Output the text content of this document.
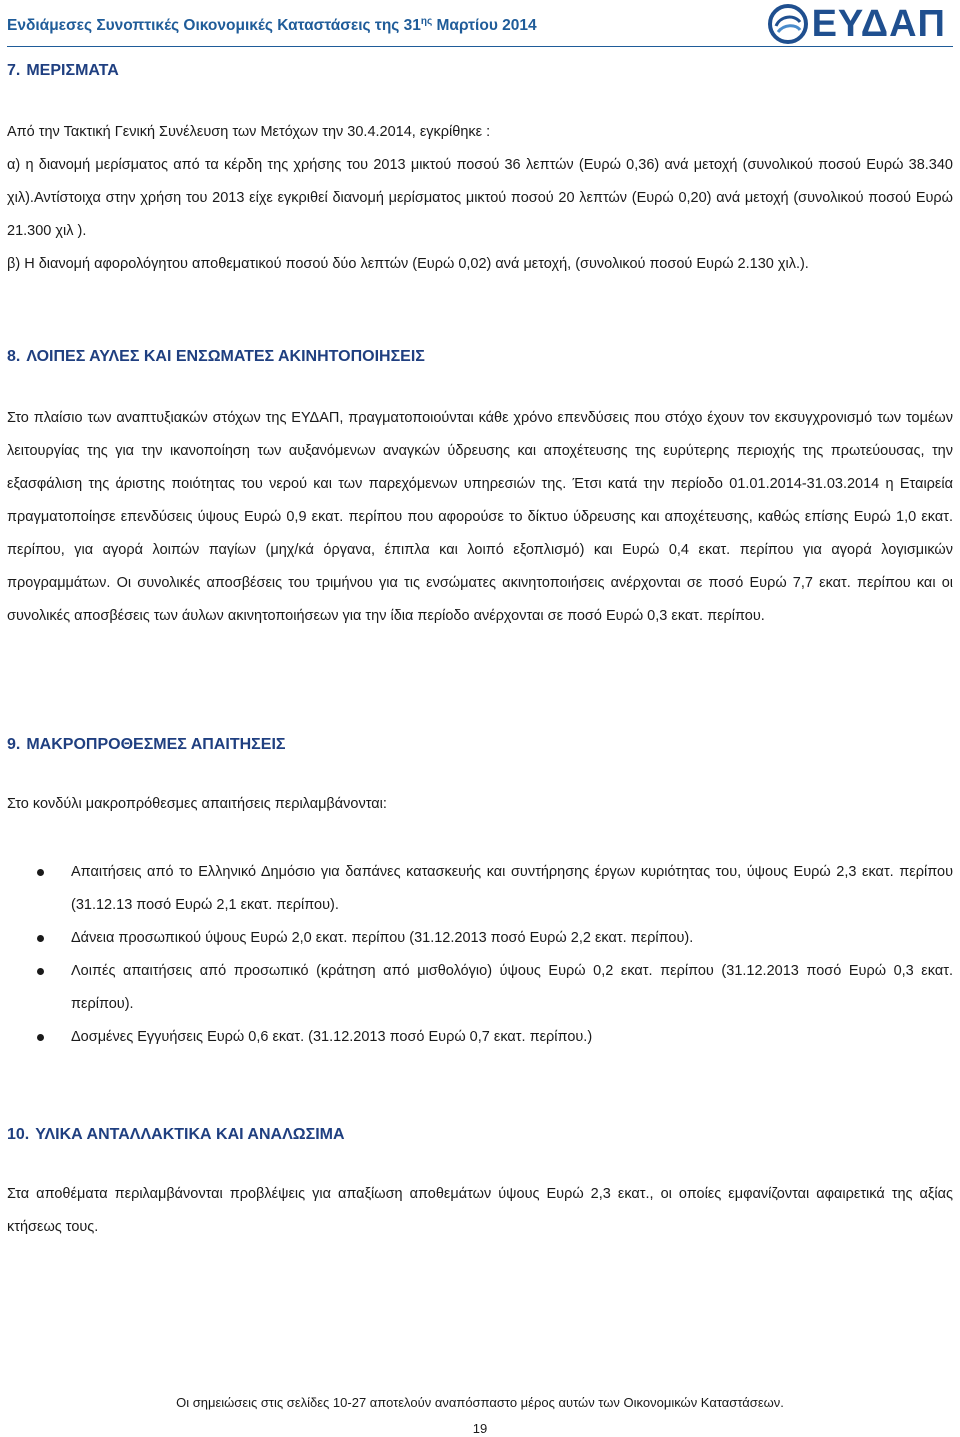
Ενδιάμεσες Συνοπτικές Οικονομικές Καταστάσεις της $31^{\eta\varsigma}$ Μαρτίου 2014	ΕΥΔΑΠ
7. ΜΕΡΙΣΜΑΤΑ

Από την Τακτική Γενική Συνέλευση των Μετόχων την 30.4.2014, εγκρίθηκε :

α) η διανομή μερίσματος από τα κέρδη της χρήσης του 2013 μικτού ποσού 36 λεπτών (Ευρώ 0,36) ανά μετοχή (συνολικού ποσού Ευρώ 38.340 χιλ).Αντίστοιχα στην χρήση του 2013 είχε εγκριθεί διανομή μερίσματος μικτού ποσού 20 λεπτών (Ευρώ 0,20) ανά μετοχή (συνολικού ποσού Ευρώ 21.300 χιλ ).

β) Η διανομή αφορολόγητου αποθεματικού ποσού δύο λεπτών (Ευρώ 0,02) ανά μετοχή, (συνολικού ποσού Ευρώ 2.130 χιλ.).

8. ΛΟΙΠΕΣ ΑΥΛΕΣ ΚΑΙ ΕΝΣΩΜΑΤΕΣ ΑΚΙΝΗΤΟΠΟΙΗΣΕΙΣ

Στο πλαίσιο των αναπτυξιακών στόχων της ΕΥΔΑΠ, πραγματοποιούνται κάθε χρόνο επενδύσεις που στόχο έχουν τον εκσυγχρονισμό των τομέων λειτουργίας της για την ικανοποίηση των αυξανόμενων αναγκών ύδρευσης και αποχέτευσης της ευρύτερης περιοχής της πρωτεύουσας, την εξασφάλιση της άριστης ποιότητας του νερού και των παρεχόμενων υπηρεσιών της. Έτσι κατά την περίοδο 01.01.2014-31.03.2014 η Εταιρεία πραγματοποίησε επενδύσεις ύψους Ευρώ 0,9 εκατ. περίπου που αφορούσε το δίκτυο ύδρευσης και αποχέτευσης, καθώς επίσης Ευρώ 1,0 εκατ. περίπου, για αγορά λοιπών παγίων (μηχ/κά όργανα, έπιπλα και λοιπό εξοπλισμό) και Ευρώ 0,4 εκατ. περίπου για αγορά λογισμικών προγραμμάτων. Οι συνολικές αποσβέσεις του τριμήνου για τις ενσώματες ακινητοποιήσεις ανέρχονται σε ποσό Ευρώ 7,7 εκατ. περίπου και οι συνολικές αποσβέσεις των άυλων ακινητοποιήσεων για την ίδια περίοδο ανέρχονται σε ποσό Ευρώ 0,3 εκατ. περίπου.

9. ΜΑΚΡΟΠΡΟΘΕΣΜΕΣ ΑΠΑΙΤΗΣΕΙΣ

Στο κονδύλι μακροπρόθεσμες απαιτήσεις περιλαμβάνονται:

Απαιτήσεις από το Ελληνικό Δημόσιο για δαπάνες κατασκευής και συντήρησης έργων κυριότητας του, ύψους Ευρώ 2,3 εκατ. περίπου (31.12.13 ποσό Ευρώ 2,1 εκατ. περίπου).
Δάνεια προσωπικού ύψους Ευρώ 2,0 εκατ. περίπου (31.12.2013 ποσό Ευρώ 2,2 εκατ. περίπου).
Λοιπές απαιτήσεις από προσωπικό (κράτηση από μισθολόγιο) ύψους Ευρώ 0,2 εκατ. περίπου (31.12.2013 ποσό Ευρώ 0,3 εκατ. περίπου).
Δοσμένες Εγγυήσεις Ευρώ 0,6 εκατ. (31.12.2013 ποσό Ευρώ 0,7 εκατ. περίπου.)
10. ΥΛΙΚΑ ΑΝΤΑΛΛΑΚΤΙΚΑ ΚΑΙ ΑΝΑΛΩΣΙΜΑ

Στα αποθέματα περιλαμβάνονται προβλέψεις για απαξίωση αποθεμάτων ύψους Ευρώ 2,3 εκατ., οι οποίες εμφανίζονται αφαιρετικά της αξίας κτήσεως τους.

Οι σημειώσεις στις σελίδες 10-27 αποτελούν αναπόσπαστο μέρος αυτών των Οικονομικών Καταστάσεων.
19
